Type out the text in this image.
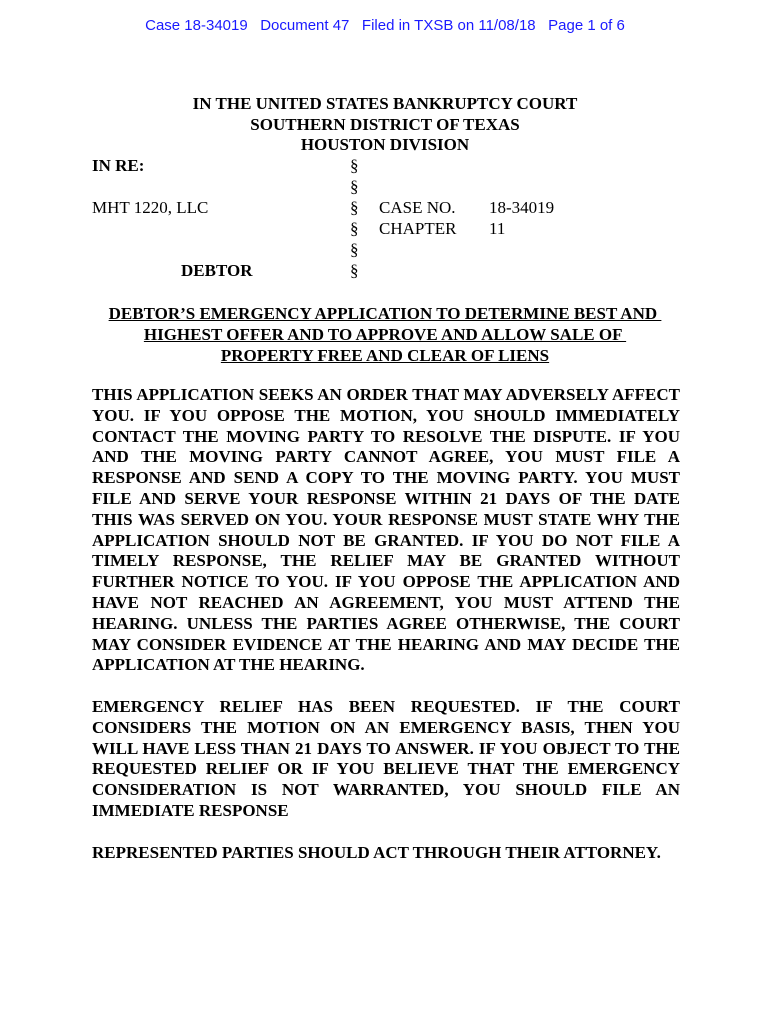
Case 18-34019   Document 47   Filed in TXSB on 11/08/18   Page 1 of 6
IN THE UNITED STATES BANKRUPTCY COURT
SOUTHERN DISTRICT OF TEXAS
HOUSTON DIVISION
IN RE:	§
§
MHT 1220, LLC	§ CASE NO. 18-34019
§ CHAPTER 11
§
DEBTOR	§
DEBTOR’S EMERGENCY APPLICATION TO DETERMINE BEST AND
HIGHEST OFFER AND TO APPROVE AND ALLOW SALE OF
PROPERTY FREE AND CLEAR OF LIENS

THIS APPLICATION SEEKS AN ORDER THAT MAY ADVERSELY AFFECT YOU. IF YOU OPPOSE THE MOTION, YOU SHOULD IMMEDIATELY CONTACT THE MOVING PARTY TO RESOLVE THE DISPUTE. IF YOU AND THE MOVING PARTY CANNOT AGREE, YOU MUST FILE A RESPONSE AND SEND A COPY TO THE MOVING PARTY. YOU MUST FILE AND SERVE YOUR RESPONSE WITHIN 21 DAYS OF THE DATE THIS WAS SERVED ON YOU. YOUR RESPONSE MUST STATE WHY THE APPLICATION SHOULD NOT BE GRANTED. IF YOU DO NOT FILE A TIMELY RESPONSE, THE RELIEF MAY BE GRANTED WITHOUT FURTHER NOTICE TO YOU. IF YOU OPPOSE THE APPLICATION AND HAVE NOT REACHED AN AGREEMENT, YOU MUST ATTEND THE HEARING. UNLESS THE PARTIES AGREE OTHERWISE, THE COURT MAY CONSIDER EVIDENCE AT THE HEARING AND MAY DECIDE THE APPLICATION AT THE HEARING.

EMERGENCY RELIEF HAS BEEN REQUESTED. IF THE COURT CONSIDERS THE MOTION ON AN EMERGENCY BASIS, THEN YOU WILL HAVE LESS THAN 21 DAYS TO ANSWER. IF YOU OBJECT TO THE REQUESTED RELIEF OR IF YOU BELIEVE THAT THE EMERGENCY CONSIDERATION IS NOT WARRANTED, YOU SHOULD FILE AN IMMEDIATE RESPONSE

REPRESENTED PARTIES SHOULD ACT THROUGH THEIR ATTORNEY.
